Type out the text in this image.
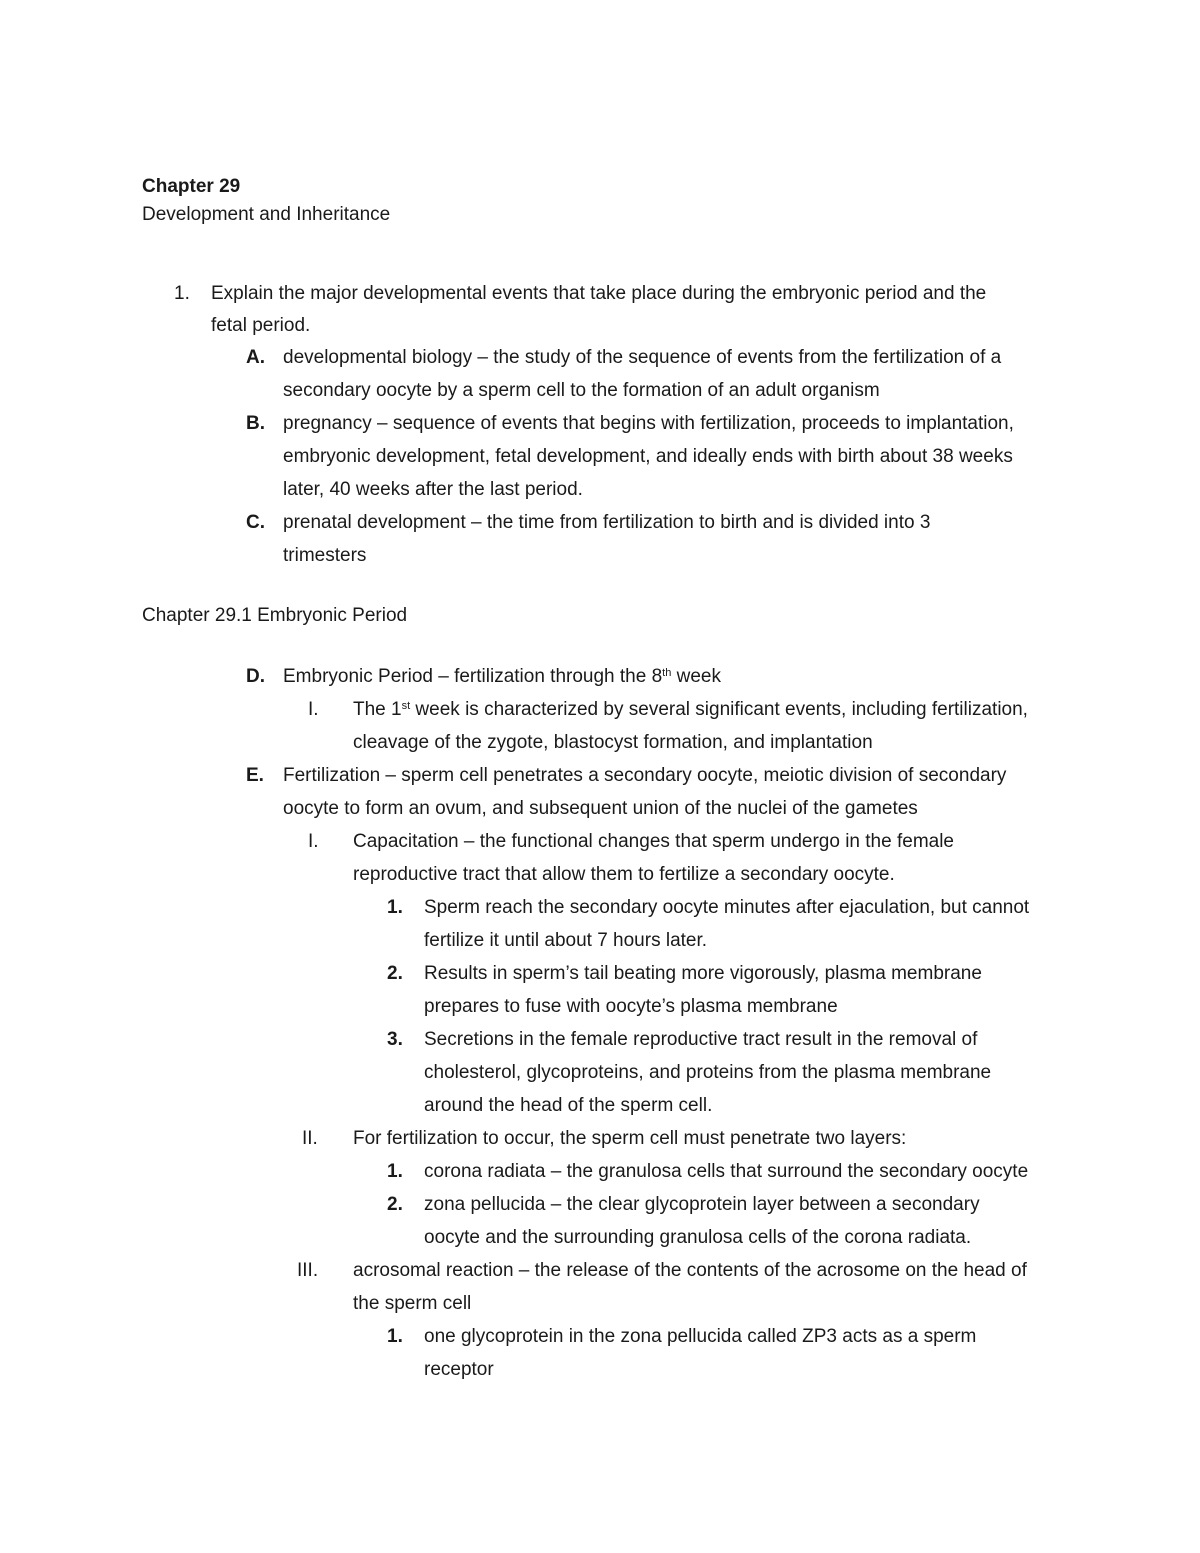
Chapter 29
Development and Inheritance
1. Explain the major developmental events that take place during the embryonic period and the
fetal period.
A. developmental biology – the study of the sequence of events from the fertilization of a
secondary oocyte by a sperm cell to the formation of an adult organism
B. pregnancy – sequence of events that begins with fertilization, proceeds to implantation,
embryonic development, fetal development, and ideally ends with birth about 38 weeks
later, 40 weeks after the last period.
C. prenatal development – the time from fertilization to birth and is divided into 3
trimesters
Chapter 29.1 Embryonic Period
D. Embryonic Period – fertilization through the 8th week
I. The 1st week is characterized by several significant events, including fertilization,
cleavage of the zygote, blastocyst formation, and implantation
E. Fertilization – sperm cell penetrates a secondary oocyte, meiotic division of secondary
oocyte to form an ovum, and subsequent union of the nuclei of the gametes
I. Capacitation – the functional changes that sperm undergo in the female
reproductive tract that allow them to fertilize a secondary oocyte.
1. Sperm reach the secondary oocyte minutes after ejaculation, but cannot
fertilize it until about 7 hours later.
2. Results in sperm’s tail beating more vigorously, plasma membrane
prepares to fuse with oocyte’s plasma membrane
3. Secretions in the female reproductive tract result in the removal of
cholesterol, glycoproteins, and proteins from the plasma membrane
around the head of the sperm cell.
II. For fertilization to occur, the sperm cell must penetrate two layers:
1. corona radiata – the granulosa cells that surround the secondary oocyte
2. zona pellucida – the clear glycoprotein layer between a secondary
oocyte and the surrounding granulosa cells of the corona radiata.
III. acrosomal reaction – the release of the contents of the acrosome on the head of
the sperm cell
1. one glycoprotein in the zona pellucida called ZP3 acts as a sperm
receptor
